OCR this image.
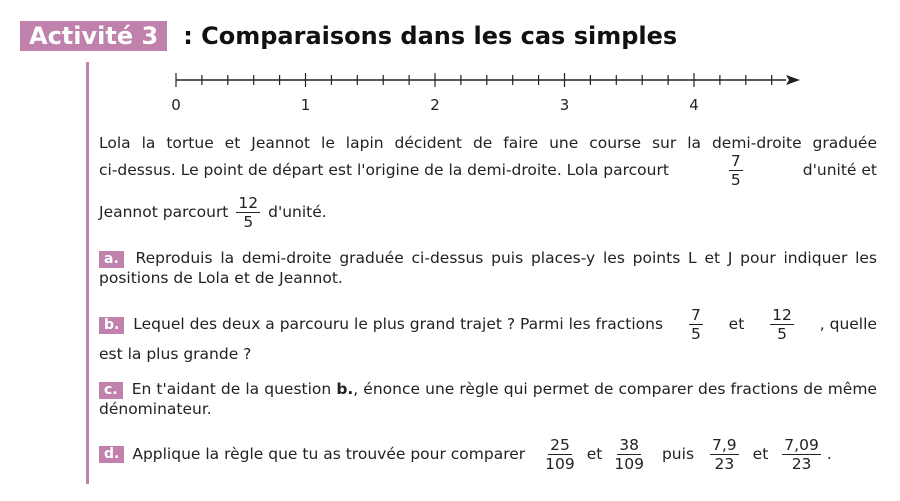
Activité 3	: Comparaisons dans les cas simples
0	1	2	3	4
Lola la tortue et Jeannot le lapin décident de faire une course sur la demi-droite graduée
ci-dessus. Le point de départ est l'origine de la demi-droite. Lola parcourt	$\frac{7}{5}$	d'unité et
Jeannot parcourt $\frac{12}{5}$ d'unité.
a. Reproduis la demi-droite graduée ci-dessus puis places-y les points L et J pour indiquer les positions de Lola et de Jeannot.
b. Lequel des deux a parcouru le plus grand trajet ? Parmi les fractions $\frac{7}{5}$ et $\frac{12}{5}$ , quelle
est la plus grande ?
c. En t'aidant de la question b., énonce une règle qui permet de comparer des fractions de même dénominateur.
d. Applique la règle que tu as trouvée pour comparer $\frac{25}{109}$ et $\frac{38}{109}$ puis $\frac{7,9}{23}$ et $\frac{7,09}{23}$ .
